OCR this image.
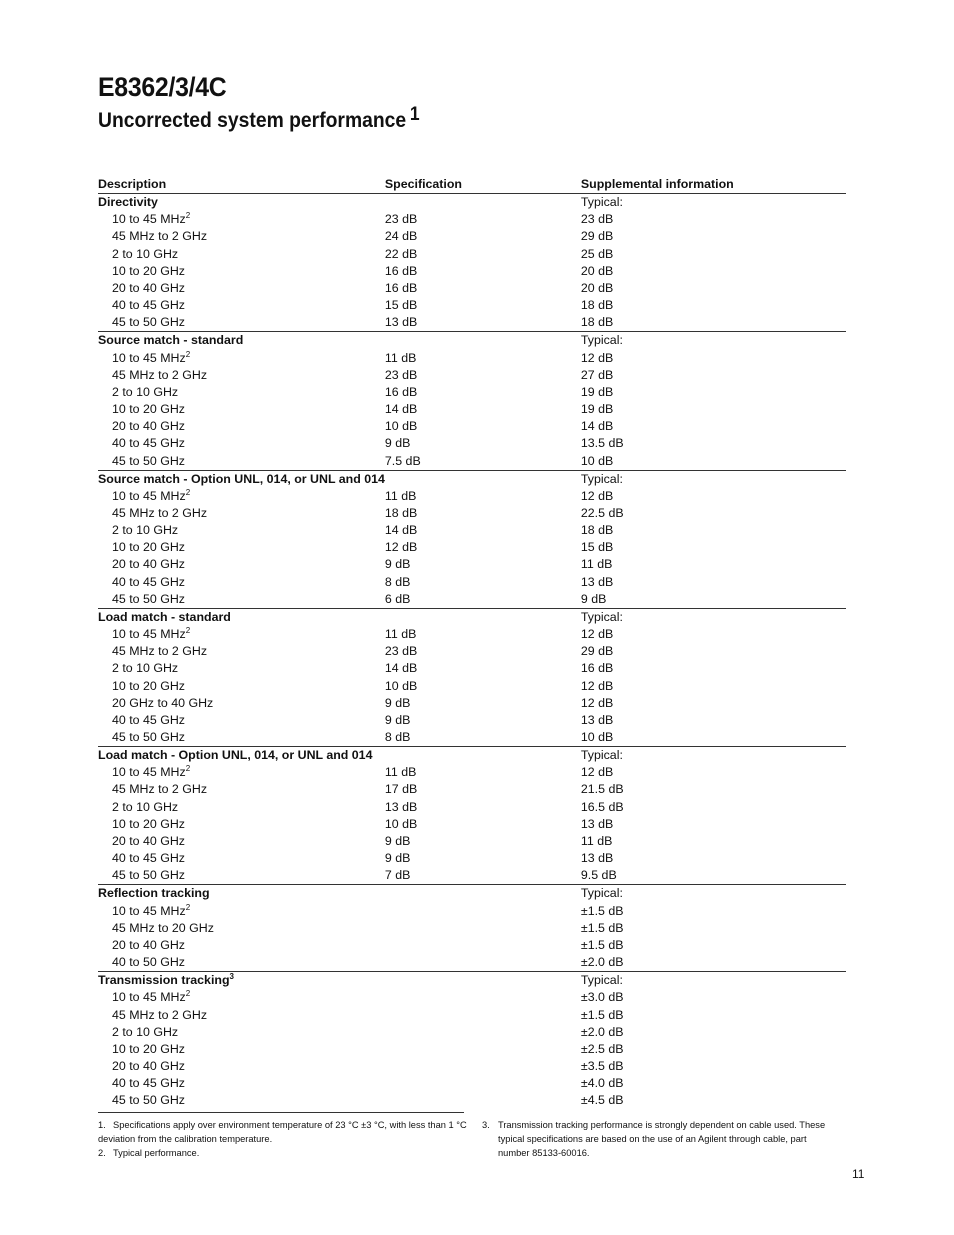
E8362/3/4C
Uncorrected system performance $^1$
Description	Specification	Supplemental information
Directivity		Typical:
10 to 45 MHz$^2$	23 dB	23 dB
45 MHz to 2 GHz	24 dB	29 dB
2 to 10 GHz	22 dB	25 dB
10 to 20 GHz	16 dB	20 dB
20 to 40 GHz	16 dB	20 dB
40 to 45 GHz	15 dB	18 dB
45 to 50 GHz	13 dB	18 dB
Source match - standard		Typical:
10 to 45 MHz$^2$	11 dB	12 dB
45 MHz to 2 GHz	23 dB	27 dB
2 to 10 GHz	16 dB	19 dB
10 to 20 GHz	14 dB	19 dB
20 to 40 GHz	10 dB	14 dB
40 to 45 GHz	9 dB	13.5 dB
45 to 50 GHz	7.5 dB	10 dB
Source match - Option UNL, 014, or UNL and 014		Typical:
10 to 45 MHz$^2$	11 dB	12 dB
45 MHz to 2 GHz	18 dB	22.5 dB
2 to 10 GHz	14 dB	18 dB
10 to 20 GHz	12 dB	15 dB
20 to 40 GHz	9 dB	11 dB
40 to 45 GHz	8 dB	13 dB
45 to 50 GHz	6 dB	9 dB
Load match - standard		Typical:
10 to 45 MHz$^2$	11 dB	12 dB
45 MHz to 2 GHz	23 dB	29 dB
2 to 10 GHz	14 dB	16 dB
10 to 20 GHz	10 dB	12 dB
20 GHz to 40 GHz	9 dB	12 dB
40 to 45 GHz	9 dB	13 dB
45 to 50 GHz	8 dB	10 dB
Load match - Option UNL, 014, or UNL and 014		Typical:
10 to 45 MHz$^2$	11 dB	12 dB
45 MHz to 2 GHz	17 dB	21.5 dB
2 to 10 GHz	13 dB	16.5 dB
10 to 20 GHz	10 dB	13 dB
20 to 40 GHz	9 dB	11 dB
40 to 45 GHz	9 dB	13 dB
45 to 50 GHz	7 dB	9.5 dB
Reflection tracking		Typical:
10 to 45 MHz$^2$		±1.5 dB
45 MHz to 20 GHz		±1.5 dB
20 to 40 GHz		±1.5 dB
40 to 50 GHz		±2.0 dB
Transmission tracking$^3$		Typical:
10 to 45 MHz$^2$		±3.0 dB
45 MHz to 2 GHz		±1.5 dB
2 to 10 GHz		±2.0 dB
10 to 20 GHz		±2.5 dB
20 to 40 GHz		±3.5 dB
40 to 45 GHz		±4.0 dB
45 to 50 GHz		±4.5 dB

1. Specifications apply over environment temperature of 23 °C ±3 °C, with less than 1 °C deviation from the calibration temperature.

2. Typical performance.

3. Transmission tracking performance is strongly dependent on cable used. These typical specifications are based on the use of an Agilent through cable, part number 85133-60016.

11
